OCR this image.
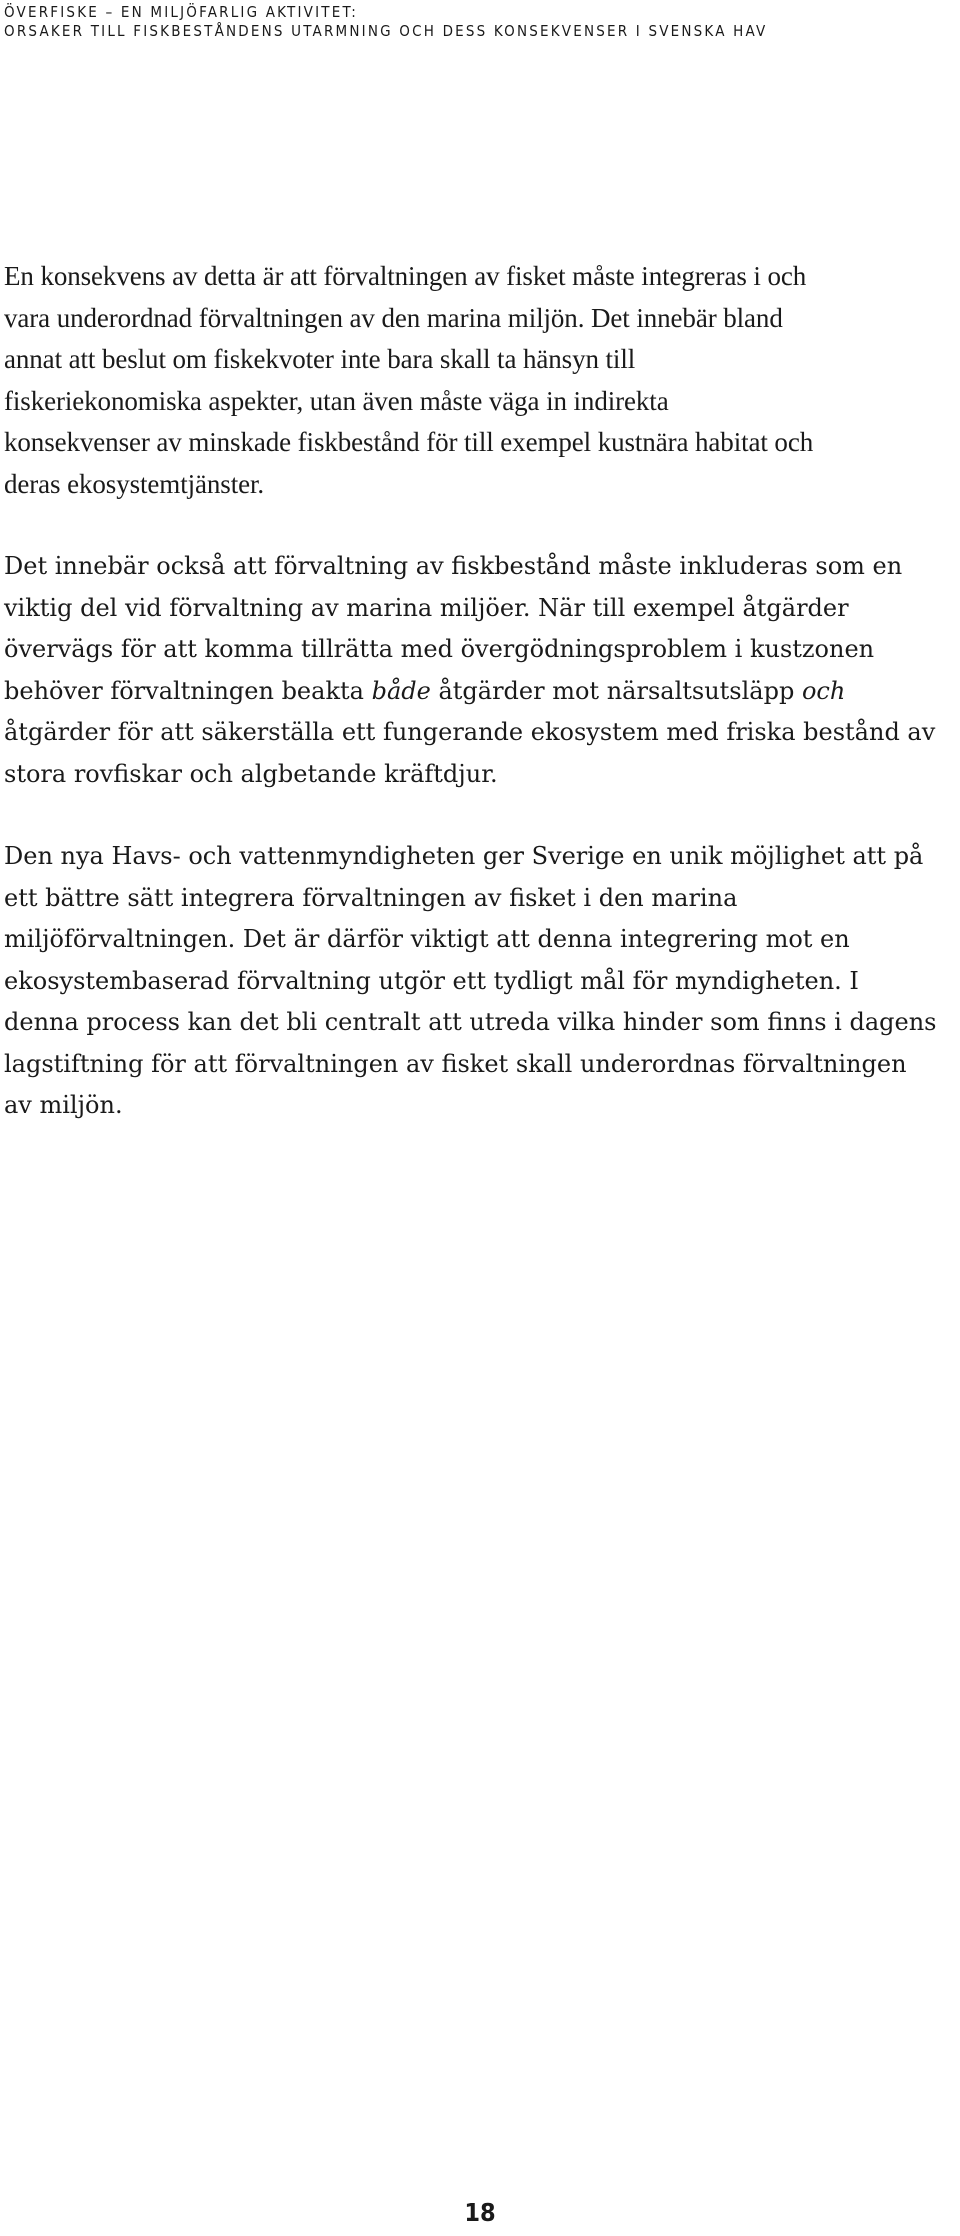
ÖVERFISKE – EN MILJÖFARLIG AKTIVITET:
ORSAKER TILL FISKBESTÅNDENS UTARMNING OCH DESS KONSEKVENSER I SVENSKA HAV

En konsekvens av detta är att förvaltningen av fisket måste integreras i och
vara underordnad förvaltningen av den marina miljön. Det innebär bland
annat att beslut om fiskekvoter inte bara skall ta hänsyn till
fiskeriekonomiska aspekter, utan även måste väga in indirekta
konsekvenser av minskade fiskbestånd för till exempel kustnära habitat och
deras ekosystemtjänster.

Det innebär också att förvaltning av fiskbestånd måste inkluderas som en
viktig del vid förvaltning av marina miljöer. När till exempel åtgärder
övervägs för att komma tillrätta med övergödningsproblem i kustzonen
behöver förvaltningen beakta både åtgärder mot närsaltsutsläpp och
åtgärder för att säkerställa ett fungerande ekosystem med friska bestånd av
stora rovfiskar och algbetande kräftdjur.

Den nya Havs- och vattenmyndigheten ger Sverige en unik möjlighet att på
ett bättre sätt integrera förvaltningen av fisket i den marina
miljöförvaltningen. Det är därför viktigt att denna integrering mot en
ekosystembaserad förvaltning utgör ett tydligt mål för myndigheten. I
denna process kan det bli centralt att utreda vilka hinder som finns i dagens
lagstiftning för att förvaltningen av fisket skall underordnas förvaltningen
av miljön.

18
